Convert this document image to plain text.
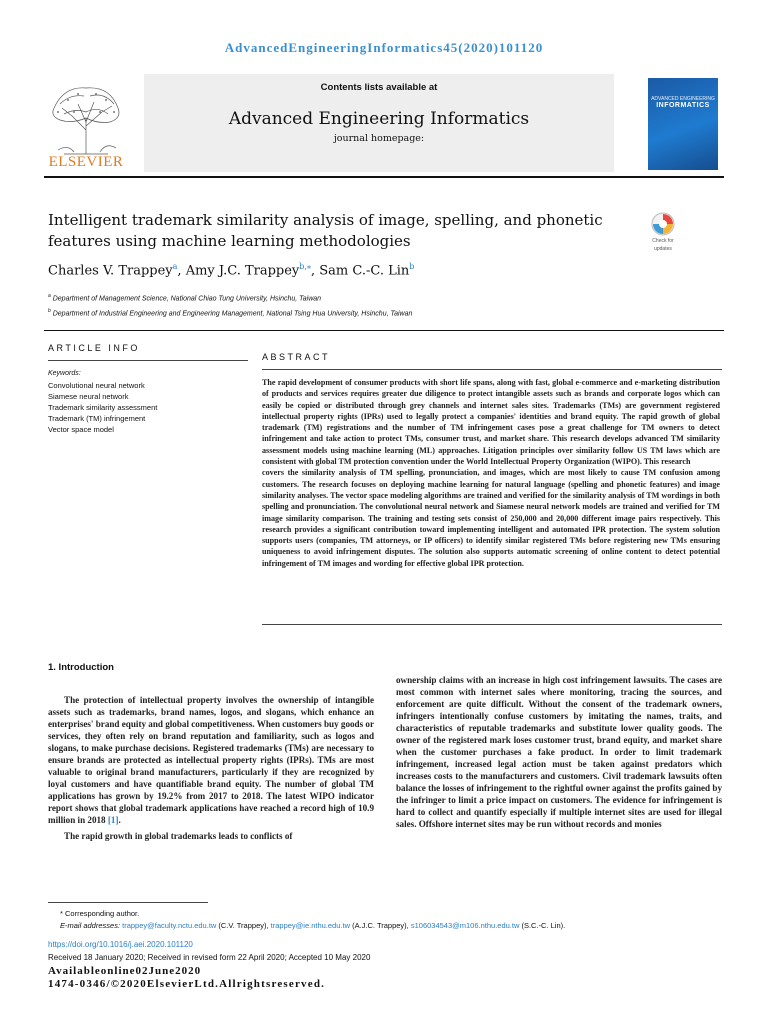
AdvancedEngineeringInformatics45(2020)101120
ELSEVIER
Contents lists available at
Advanced Engineering Informatics
journal homepage:
ADVANCED ENGINEERING
INFORMATICS
Intelligent trademark similarity analysis of image, spelling, and phonetic
features using machine learning methodologies	Check for
updates
Charles V. Trappey$^a$, Amy J.C. Trappey$^{b,⁎}$, Sam C.-C. Lin$^b$
$^a$ Department of Management Science, National Chiao Tung University, Hsinchu, Taiwan
$^b$ Department of Industrial Engineering and Engineering Management, National Tsing Hua University, Hsinchu, Taiwan
ARTICLE INFO
Keywords:
Convolutional neural network
Siamese neural network
Trademark similarity assessment
Trademark (TM) infringement
Vector space model
ABSTRACT

The rapid development of consumer products with short life spans, along with fast, global e-commerce and e-marketing distribution of products and services requires greater due diligence to protect intangible assets such as brands and corporate logos which can easily be copied or distributed through grey channels and internet sales sites. Trademarks (TMs) are government registered intellectual property rights (IPRs) used to legally protect a companies' identities and brand equity. The rapid growth of global trademark (TM) registrations and the number of TM infringement cases pose a great challenge for TM owners to detect infringement and take action to protect TMs, consumer trust, and market share. This research develops advanced TM similarity assessment models using machine learning (ML) approaches. Litigation principles over similarity follow US TM laws which are consistent with global TM protection convention under the World Intellectual Property Organization (WIPO). This research

covers the similarity analysis of TM spelling, pronunciation, and images, which are most likely to cause TM confusion among customers. The research focuses on deploying machine learning for natural language (spelling and phonetic features) and image similarity analyses. The vector space modeling algorithms are trained and verified for the similarity analysis of TM wordings in both spelling and pronunciation. The convolutional neural network and Siamese neural network models are trained and verified for TM image similarity comparison. The training and testing sets consist of 250,000 and 20,000 different image pairs respectively. This research provides a significant contribution toward implementing intelligent and automated IPR protection. The system solution supports users (companies, TM attorneys, or IP officers) to identify similar registered TMs before registering new TMs ensuring uniqueness to avoid infringement disputes. The solution also supports automatic screening of online content to detect potential infringement of TM images and wording for effective global IPR protection.

1. Introduction

The protection of intellectual property involves the ownership of intangible assets such as trademarks, brand names, logos, and slogans, which enhance an enterprises' brand equity and global competitiveness. When customers buy goods or services, they often rely on brand reputation and familiarity, such as logos and slogans, to make purchase decisions. Registered trademarks (TMs) are necessary to ensure brands are protected as intellectual property rights (IPRs). TMs are most valuable to original brand manufacturers, particularly if they are recognized by loyal customers and have quantifiable brand equity. The number of global TM applications has grown by 19.2% from 2017 to 2018. The latest WIPO indicator report shows that global trademark applications have reached a record high of 10.9 million in 2018 [1].

The rapid growth in global trademarks leads to conflicts of

ownership claims with an increase in high cost infringement lawsuits. The cases are most common with internet sales where monitoring, tracing the sources, and enforcement are quite difficult. Without the consent of the trademark owners, infringers intentionally confuse customers by imitating the names, traits, and characteristics of reputable trademarks and substitute lower quality goods. The owner of the registered mark loses customer trust, brand equity, and market share when the customer purchases a fake product. In order to limit trademark infringement, increased legal action must be taken against predators which increases costs to the manufacturers and customers. Civil trademark lawsuits often balance the losses of infringement to the rightful owner against the profits gained by the infringer to limit a price impact on customers. The evidence for infringement is hard to collect and quantify especially if multiple internet sites are used for illegal sales. Offshore internet sites may be run without records and monies

* Corresponding author.
E-mail addresses: trappey@faculty.nctu.edu.tw (C.V. Trappey), trappey@ie.nthu.edu.tw (A.J.C. Trappey), s106034543@m106.nthu.edu.tw (S.C.-C. Lin).
https://doi.org/10.1016/j.aei.2020.101120
Received 18 January 2020; Received in revised form 22 April 2020; Accepted 10 May 2020
Availableonline02June2020
1474-0346/©2020ElsevierLtd.Allrightsreserved.
